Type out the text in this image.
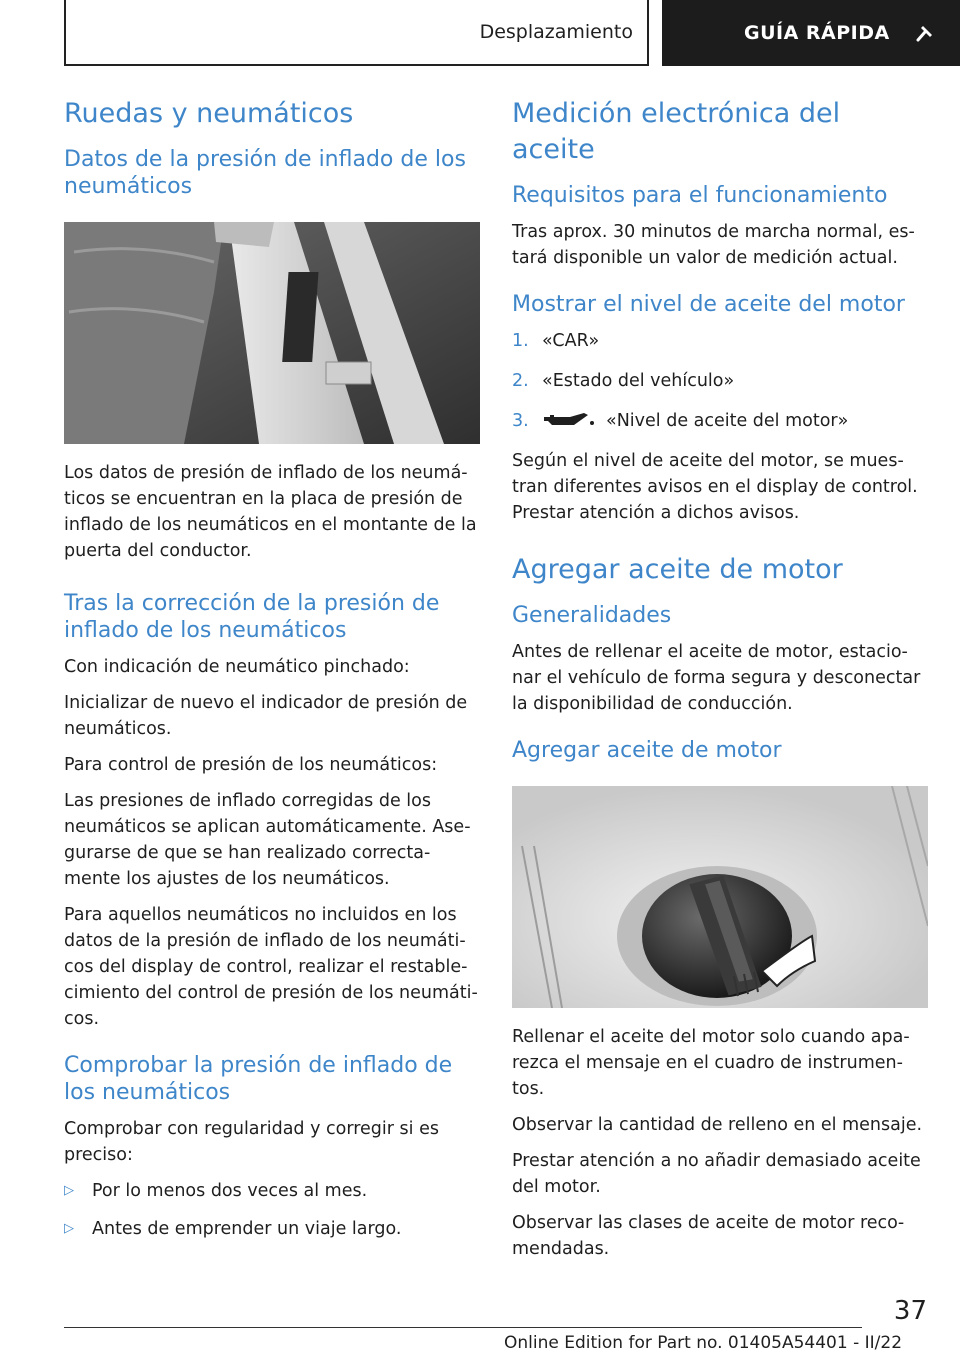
Desplazamiento	GUÍA RÁPIDA
Ruedas y neumáticos
Datos de la presión de inflado de los neumáticos

Los datos de presión de inflado de los neumáticos se encuentran en la placa de presión de inflado de los neumáticos en el montante de la puerta del conductor.

Tras la corrección de la presión de inflado de los neumáticos

Con indicación de neumático pinchado:

Inicializar de nuevo el indicador de presión de neumáticos.

Para control de presión de los neumáticos:

Las presiones de inflado corregidas de los neumáticos se aplican automáticamente. Asegurarse de que se han realizado correctamente los ajustes de los neumáticos.

Para aquellos neumáticos no incluidos en los datos de la presión de inflado de los neumáticos del display de control, realizar el restablecimiento del control de presión de los neumáticos.

Comprobar la presión de inflado de los neumáticos

Comprobar con regularidad y corregir si es preciso:

▷	Por lo menos dos veces al mes.
▷	Antes de emprender un viaje largo.
Medición electrónica del aceite
Requisitos para el funcionamiento

Tras aprox. 30 minutos de marcha normal, estará disponible un valor de medición actual.

Mostrar el nivel de aceite del motor
1. «CAR»
2. «Estado del vehículo»
3.	«Nivel de aceite del motor»

Según el nivel de aceite del motor, se muestran diferentes avisos en el display de control. Prestar atención a dichos avisos.

Agregar aceite de motor
Generalidades

Antes de rellenar el aceite de motor, estacionar el vehículo de forma segura y desconectar la disponibilidad de conducción.

Agregar aceite de motor

Rellenar el aceite del motor solo cuando aparezca el mensaje en el cuadro de instrumentos.

Observar la cantidad de relleno en el mensaje.

Prestar atención a no añadir demasiado aceite del motor.

Observar las clases de aceite de motor recomendadas.

37
Online Edition for Part no. 01405A54401 - II/22
